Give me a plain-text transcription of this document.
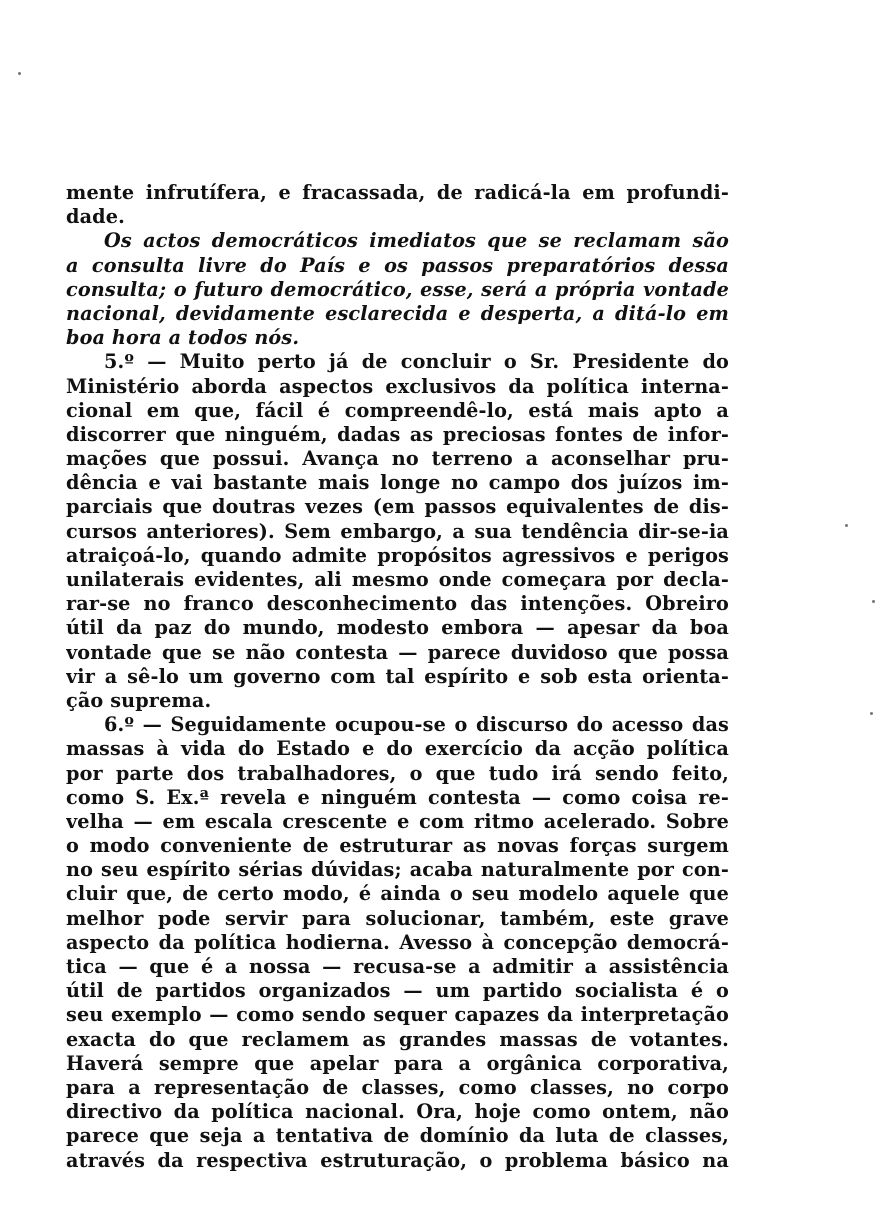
mente infrutífera, e fracassada, de radicá-la em profundi-
dade.
Os actos democráticos imediatos que se reclamam são
a consulta livre do País e os passos preparatórios dessa
consulta; o futuro democrático, esse, será a própria vontade
nacional, devidamente esclarecida e desperta, a ditá-lo em
boa hora a todos nós.
5.º — Muito perto já de concluir o Sr. Presidente do
Ministério aborda aspectos exclusivos da política interna-
cional em que, fácil é compreendê-lo, está mais apto a
discorrer que ninguém, dadas as preciosas fontes de infor-
mações que possui. Avança no terreno a aconselhar pru-
dência e vai bastante mais longe no campo dos juízos im-
parciais que doutras vezes (em passos equivalentes de dis-
cursos anteriores). Sem embargo, a sua tendência dir-se-ia
atraiçoá-lo, quando admite propósitos agressivos e perigos
unilaterais evidentes, ali mesmo onde começara por decla-
rar-se no franco desconhecimento das intenções. Obreiro
útil da paz do mundo, modesto embora — apesar da boa
vontade que se não contesta — parece duvidoso que possa
vir a sê-lo um governo com tal espírito e sob esta orienta-
ção suprema.
6.º — Seguidamente ocupou-se o discurso do acesso das
massas à vida do Estado e do exercício da acção política
por parte dos trabalhadores, o que tudo irá sendo feito,
como S. Ex.ª revela e ninguém contesta — como coisa re-
velha — em escala crescente e com ritmo acelerado. Sobre
o modo conveniente de estruturar as novas forças surgem
no seu espírito sérias dúvidas; acaba naturalmente por con-
cluir que, de certo modo, é ainda o seu modelo aquele que
melhor pode servir para solucionar, também, este grave
aspecto da política hodierna. Avesso à concepção democrá-
tica — que é a nossa — recusa-se a admitir a assistência
útil de partidos organizados — um partido socialista é o
seu exemplo — como sendo sequer capazes da interpretação
exacta do que reclamem as grandes massas de votantes.
Haverá sempre que apelar para a orgânica corporativa,
para a representação de classes, como classes, no corpo
directivo da política nacional. Ora, hoje como ontem, não
parece que seja a tentativa de domínio da luta de classes,
através da respectiva estruturação, o problema básico na
